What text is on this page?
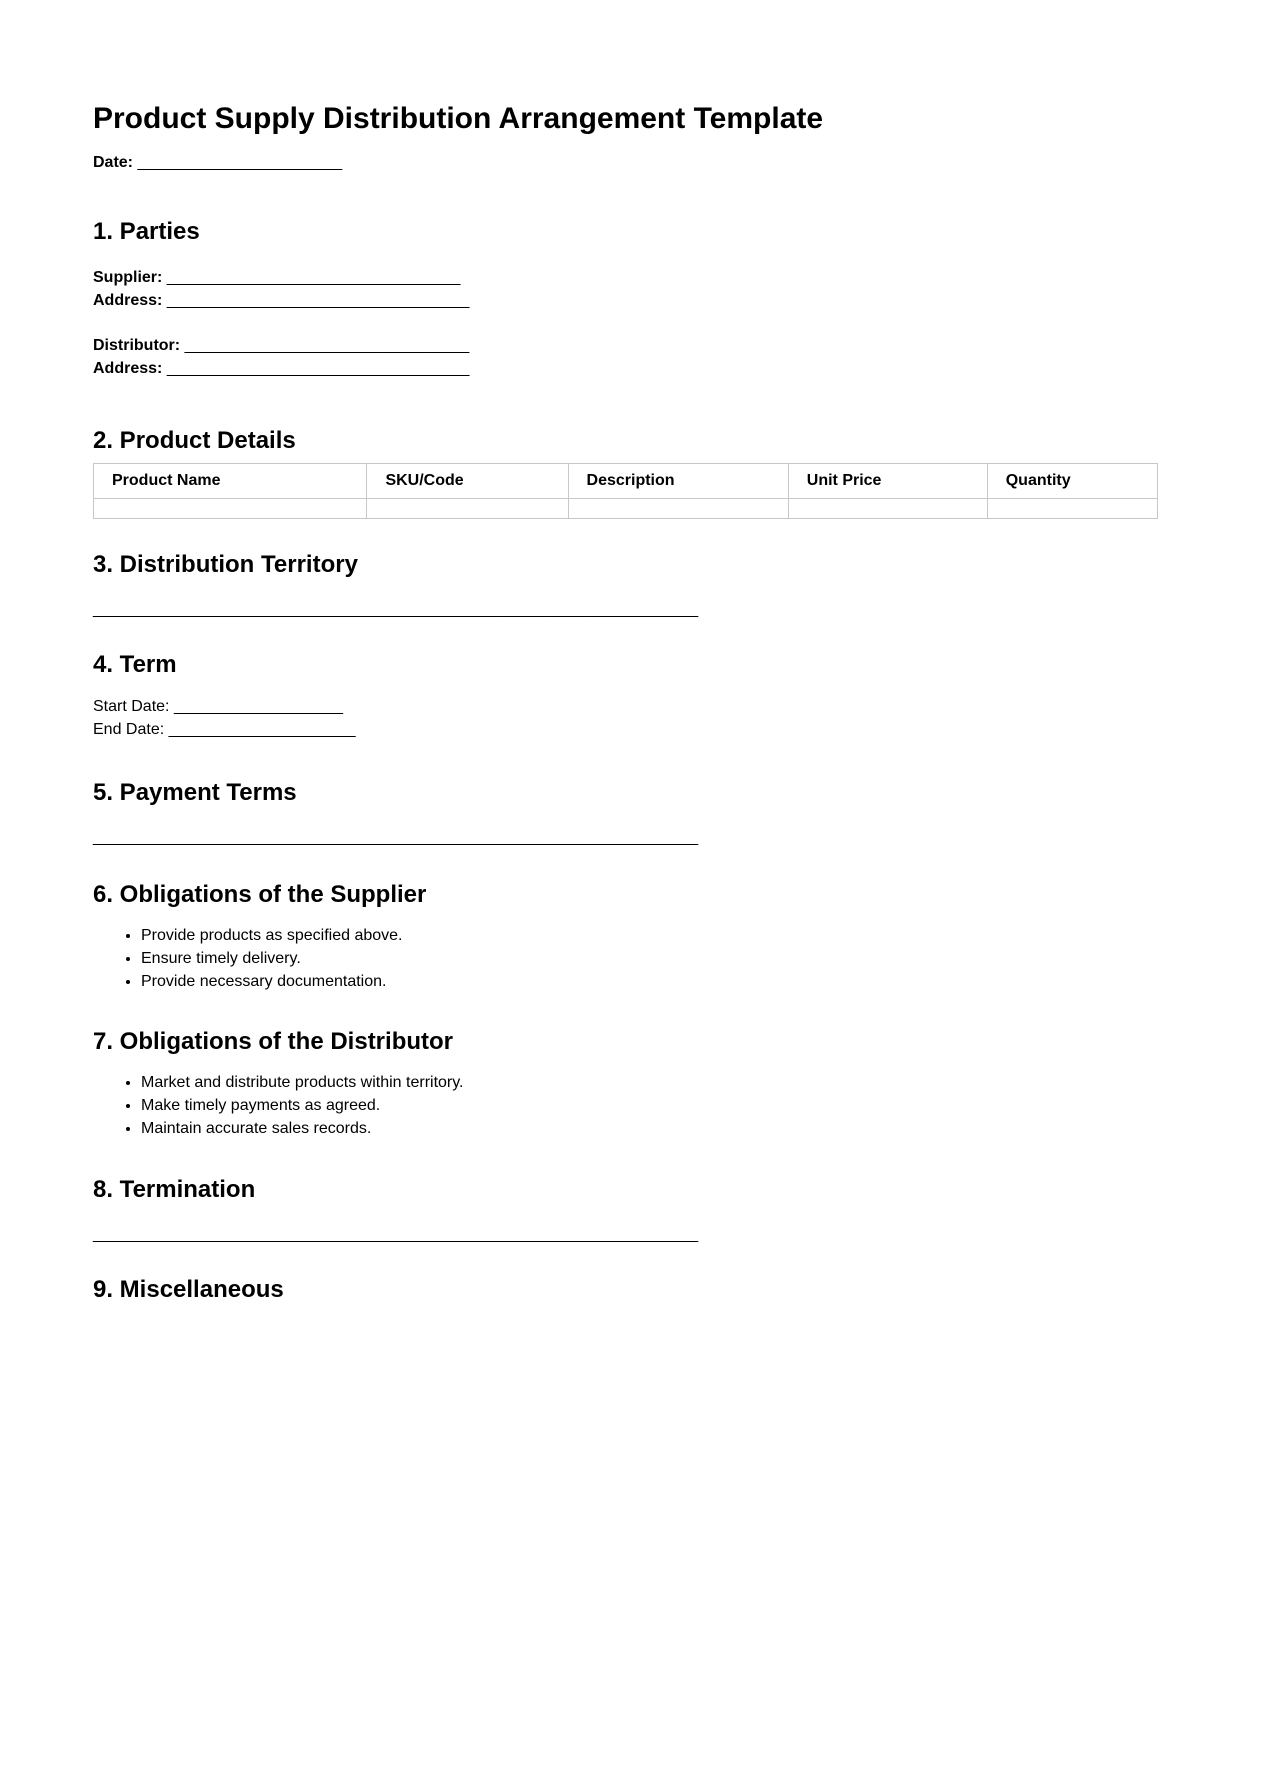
Product Supply Distribution Arrangement Template

Date: _______________________

1. Parties

Supplier: _________________________________
Address: __________________________________

Distributor: ________________________________
Address: __________________________________

2. Product Details
Product Name	SKU/Code	Description	Unit Price	Quantity

3. Distribution Territory

____________________________________________________________________

4. Term

Start Date: ___________________
End Date: _____________________

5. Payment Terms

____________________________________________________________________

6. Obligations of the Supplier
• Provide products as specified above.
• Ensure timely delivery.
• Provide necessary documentation.
7. Obligations of the Distributor
• Market and distribute products within territory.
• Make timely payments as agreed.
• Maintain accurate sales records.
8. Termination

____________________________________________________________________

9. Miscellaneous
